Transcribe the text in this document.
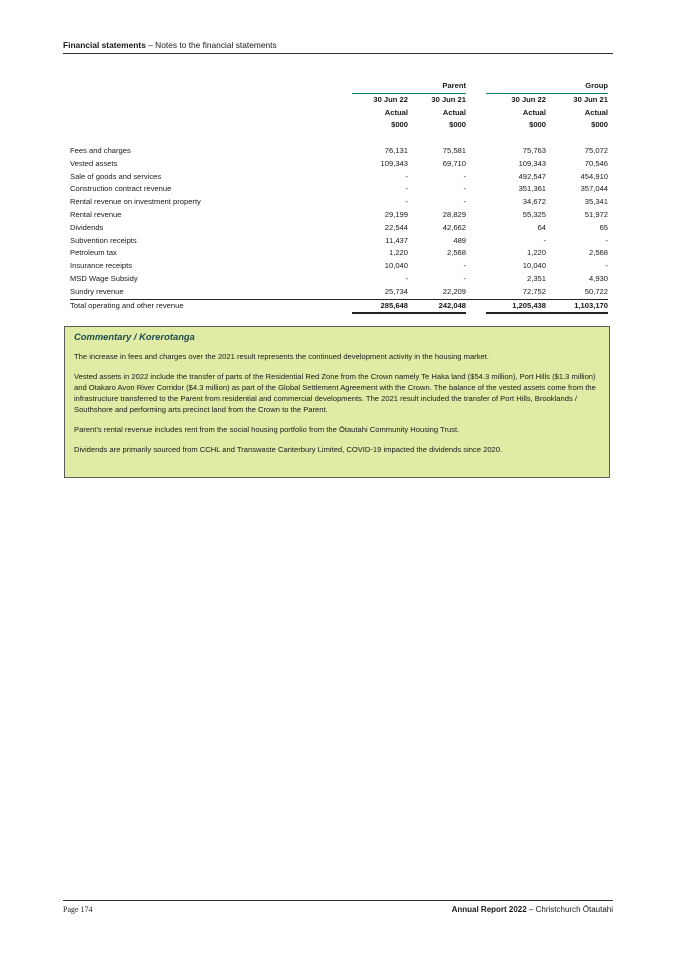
Financial statements – Notes to the financial statements
	Parent			Group	
	30 Jun 22	30 Jun 21		30 Jun 22	30 Jun 21
	Actual	Actual		Actual	Actual
	$000	$000		$000	$000

Fees and charges	76,131	75,581		75,763	75,072
Vested assets	109,343	69,710		109,343	70,546
Sale of goods and services	-	-		492,547	454,910
Construction contract revenue	-	-		351,361	357,044
Rental revenue on investment property	-	-		34,672	35,341
Rental revenue	29,199	28,829		55,325	51,972
Dividends	22,544	42,662		64	65
Subvention receipts	11,437	489		-	-
Petroleum tax	1,220	2,568		1,220	2,568
Insurance receipts	10,040	-		10,040	-
MSD Wage Subsidy	-	-		2,351	4,930
Sundry revenue	25,734	22,209		72,752	50,722
Total operating and other revenue	285,648	242,048		1,205,438	1,103,170
Commentary / Korerotanga

The increase in fees and charges over the 2021 result represents the continued development activity in the housing market.

Vested assets in 2022 include the transfer of parts of the Residential Red Zone from the Crown namely Te Haka land ($54.3 million), Port Hills ($1.3 million) and Otakaro Avon River Corridor ($4.3 million) as part of the Global Settlement Agreement with the Crown. The balance of the vested assets come from the infrastructure transferred to the Parent from residential and commercial developments. The 2021 result included the transfer of Port Hills, Brooklands / Southshore and performing arts precinct land from the Crown to the Parent.

Parent’s rental revenue includes rent from the social housing portfolio from the Ōtautahi Community Housing Trust.

Dividends are primarily sourced from CCHL and Transwaste Canterbury Limited, COVID-19 impacted the dividends since 2020.

Page 174	Annual Report 2022 – Christchurch Ōtautahi
